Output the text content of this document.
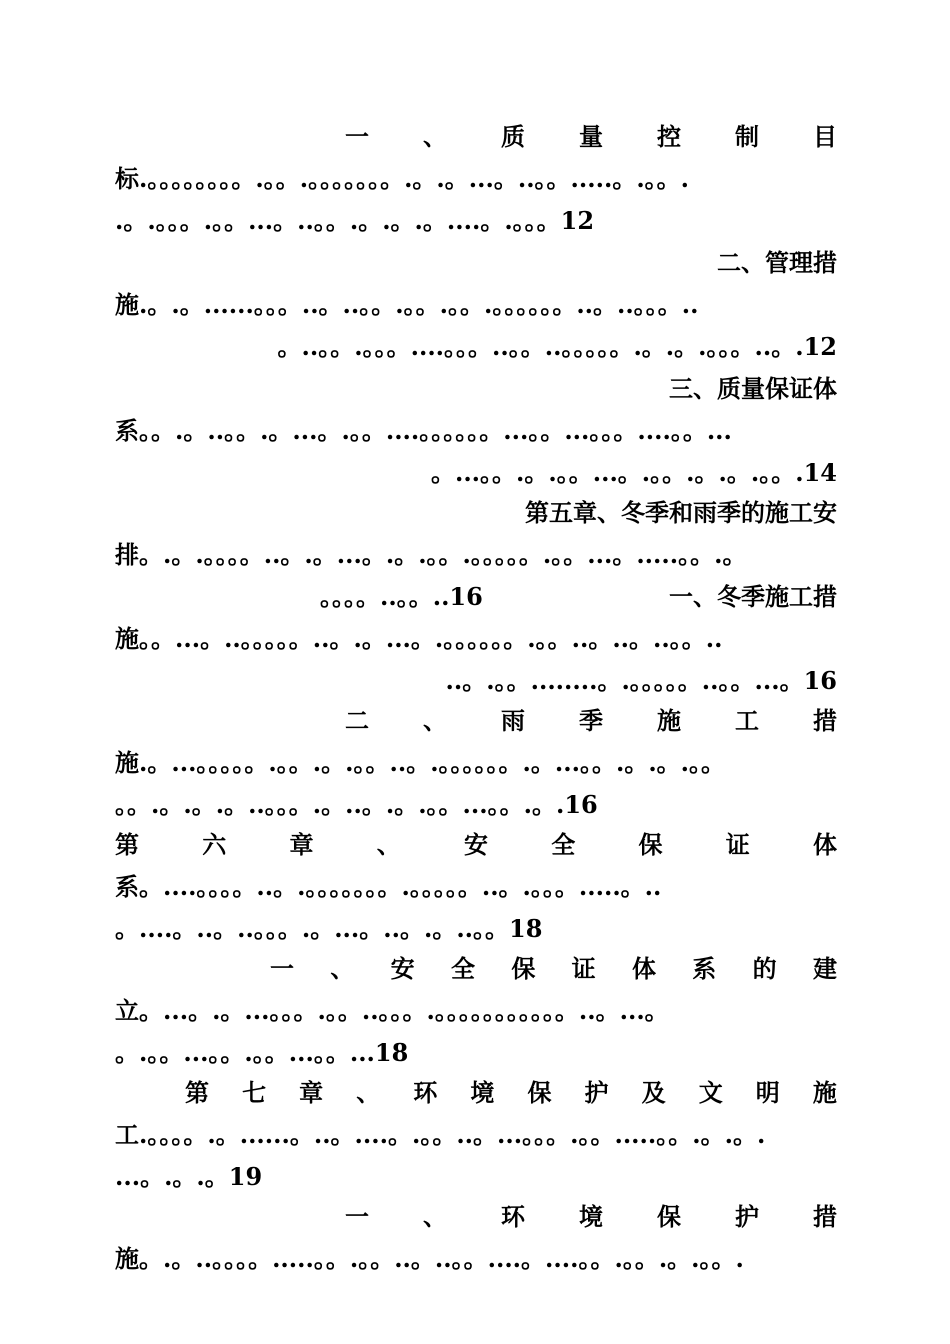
一 、 质 量 控 制 目
标.。。。。。。。。.。。.。。。。。。。.。.。...。..。。.....。.。。.
.。.。。。.。。...。..。。.。.。.。....。.。。。12
二、管理措
施.。.。......。。。..。..。。.。。.。。.。。。。。。..。..。。。..
。..。。.。。。....。。。..。。..。。。。。.。.。.。。。..。.12
三、质量保证体
系。。.。..。。.。...。.。。....。。。。。。...。。...。。。....。。...
。...。。.。.。。...。.。。.。.。.。。.14
第五章、冬季和雨季的施工安
排。.。.。。。。..。.。...。.。.。。.。。。。。.。。...。.....。。.。
。。。。..。。..16	一、冬季施工措
施。。...。..。。。。。..。.。...。.。。。。。。.。。..。..。..。。..
..。.。。........。.。。。。。..。。...。16
二 、 雨 季 施 工 措
施.。...。。。。。.。。.。.。。..。.。。。。。。.。...。。.。.。.。。
。。.。.。.。..。。。.。..。.。.。。...。。.。.16
第	六	章	、	安	全	保	证	体
系。....。。。。..。.。。。。。。。.。。。。。..。.。。。.....。..
。....。..。..。。。.。...。..。.。..。。18
一 、 安 全 保 证 体 系 的 建
立。...。.。...。。。.。。..。。。.。。。。。。。。。。。..。...。
。.。。...。。.。。...。。...18
第 七 章 、 环 境 保 护 及 文 明 施
工.。。。。.。......。..。....。.。。..。...。。。.。。.....。。.。.。.
...。.。.。19
一 、 环 境 保 护 措
施。.。..。。。。.....。。.。。..。..。。....。....。。.。。.。.。。.
